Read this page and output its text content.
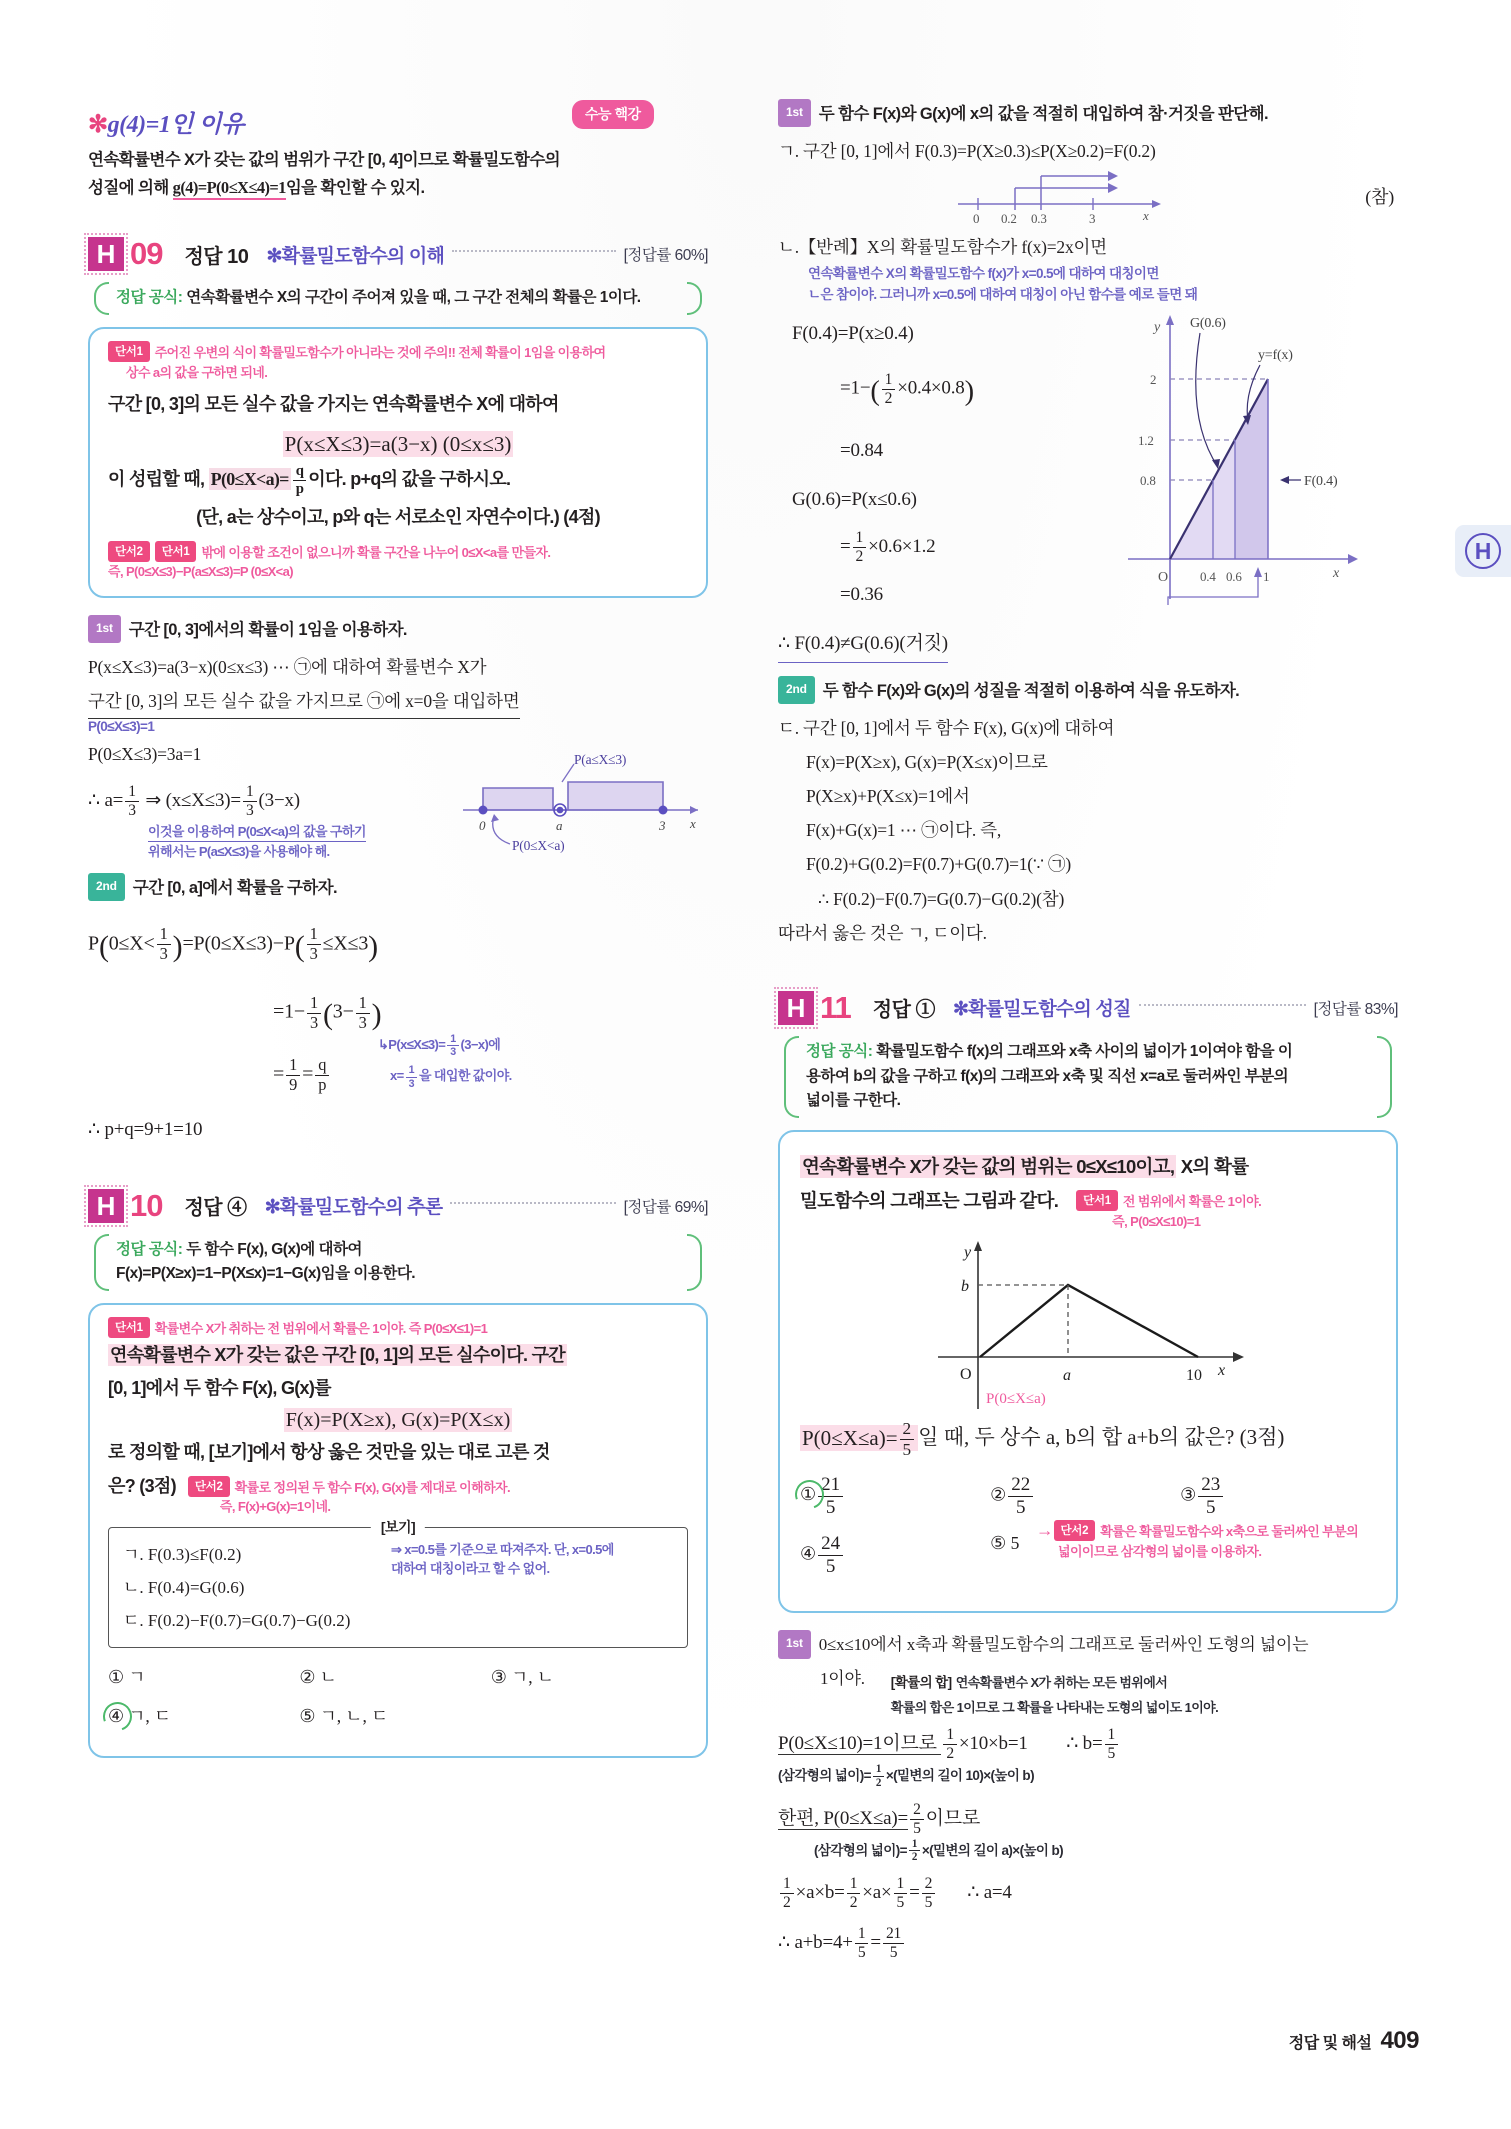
수능 핵강
✻g(4)=1인 이유
연속확률변수 X가 갖는 값의 범위가 구간 [0, 4]이므로 확률밀도함수의
성질에 의해 g(4)=P(0≤X≤4)=1임을 확인할 수 있지.
H 09 정답 10 ✻확률밀도함수의 이해	[정답률 60%]
정답 공식: 연속확률변수 X의 구간이 주어져 있을 때, 그 구간 전체의 확률은 1이다.
단서1 주어진 우변의 식이 확률밀도함수가 아니라는 것에 주의!! 전체 확률이 1임을 이용하여
상수 a의 값을 구하면 되네.
구간 [0, 3]의 모든 실수 값을 가지는 연속확률변수 X에 대하여
P(x≤X≤3)=a(3−x) (0≤x≤3)
이 성립할 때, $P(0\le X<a)= \frac{q}{p}$ 이다. p+q의 값을 구하시오.
(단, a는 상수이고, p와 q는 서로소인 자연수이다.) (4점)
단서2 단서1 밖에 이용할 조건이 없으니까 확률 구간을 나누어 0≤X<a를 만들자.
즉, P(0≤X≤3)−P(a≤X≤3)=P (0≤X<a)
1st 구간 [0, 3]에서의 확률이 1임을 이용하자.
P(x≤X≤3)=a(3−x)(0≤x≤3) ⋯ ㉠에 대하여 확률변수 X가
구간 [0, 3]의 모든 실수 값을 가지므로 ㉠에 x=0을 대입하면
P(0≤X≤3)=1
P(0≤X≤3)=3a=1
∴ $a= \frac{1}{3}$ ⇒ $(x\le X\le 3)= \frac{1}{3} (3-x)$
0	a	3 x
P(a≤X≤3)
P(0≤X<a)
이것을 이용하여 P(0≤X<a)의 값을 구하기
위해서는 P(a≤X≤3)을 사용해야 해.
2nd 구간 [0, a]에서 확률을 구하자.
$P(0\le X< \frac{1}{3} )=P(0\le X\le 3)-P( \frac{1}{3} \le X\le 3)$
$=1- \frac{1}{3} (3- \frac{1}{3}$ )
= $\frac{1}{9} = \frac{q}{p}$
↳P(x≤X≤3)= $\frac{1}{3} (3-x)$에
$x= \frac{1}{3}$ 을 대입한 값이야.
∴ p+q=9+1=10
H 10 정답 ④ ✻확률밀도함수의 추론	[정답률 69%]
정답 공식: 두 함수 F(x), G(x)에 대하여
F(x)=P(X≥x)=1−P(X≤x)=1−G(x)임을 이용한다.
단서1 확률변수 X가 취하는 전 범위에서 확률은 1이야. 즉 P(0≤X≤1)=1
연속확률변수 X가 갖는 값은 구간 [0, 1]의 모든 실수이다. 구간
[0, 1]에서 두 함수 F(x), G(x)를
F(x)=P(X≥x), G(x)=P(X≤x)
로 정의할 때, [보기]에서 항상 옳은 것만을 있는 대로 고른 것
은? (3점)	단서2 확률로 정의된 두 함수 F(x), G(x)를 제대로 이해하자.
즉, F(x)+G(x)=1이네.
[보기]
ㄱ. F(0.3)≤F(0.2)
ㄴ. F(0.4)=G(0.6)
ㄷ. F(0.2)−F(0.7)=G(0.7)−G(0.2)
⇒ x=0.5를 기준으로 따져주자. 단, x=0.5에
대하여 대칭이라고 할 수 없어.
① ㄱ	② ㄴ	③ ㄱ, ㄴ
④ ㄱ, ㄷ	⑤ ㄱ, ㄴ, ㄷ
1st 두 함수 F(x)와 G(x)에 x의 값을 적절히 대입하여 참·거짓을 판단해.
ㄱ. 구간 [0, 1]에서 F(0.3)=P(X≥0.3)≤P(X≥0.2)=F(0.2)
0 0.2 0.3	3	x
(참)
ㄴ.【반례】X의 확률밀도함수가 f(x)=2x이면
연속확률변수 X의 확률밀도함수 f(x)가 x=0.5에 대하여 대칭이면
ㄴ은 참이야. 그러니까 x=0.5에 대하여 대칭이 아닌 함수를 예로 들면 돼
F(0.4)=P(x≥0.4)
$=1-( \frac{1}{2} \times 0.4\times 0.8)$
=0.84
G(0.6)=P(x≤0.6)
= $\frac{1}{2} \times 0.6\times 1.2$
=0.36
∴ F(0.4)≠G(0.6)(거짓)
2
1.2
0.8
O 0.4 0.6 1	x
y G(0.6)
y=f(x)
F(0.4)
2nd 두 함수 F(x)와 G(x)의 성질을 적절히 이용하여 식을 유도하자.
ㄷ. 구간 [0, 1]에서 두 함수 F(x), G(x)에 대하여
F(x)=P(X≥x), G(x)=P(X≤x)이므로
P(X≥x)+P(X≤x)=1에서
F(x)+G(x)=1 ⋯ ㉠이다. 즉,
F(0.2)+G(0.2)=F(0.7)+G(0.7)=1(∵ ㉠)
∴ F(0.2)−F(0.7)=G(0.7)−G(0.2)(참)
따라서 옳은 것은 ㄱ, ㄷ이다.
H 11 정답 ① ✻확률밀도함수의 성질	[정답률 83%]
정답 공식: 확률밀도함수 f(x)의 그래프와 x축 사이의 넓이가 1이여야 함을 이
용하여 b의 값을 구하고 f(x)의 그래프와 x축 및 직선 x=a로 둘러싸인 부분의
넓이를 구한다.
연속확률변수 X가 갖는 값의 범위는 0≤X≤10이고, X의 확률
밀도함수의 그래프는 그림과 같다.	단서1 전 범위에서 확률은 1이야.
즉, P(0≤X≤10)=1
b
y
O	a	10 x
P(0≤X≤a)
$P(0\le X\le a)= \frac{2}{5}$ 일 때, 두 상수 a, b의 합 a+b의 값은? (3점)
① $\frac{21}{5}$	② $\frac{22}{5}$	③ $\frac{23}{5}$
④ $\frac{24}{5}$	⑤ 5
→ 단서2 확률은 확률밀도함수와 x축으로 둘러싸인 부분의
넓이이므로 삼각형의 넓이를 이용하자.
1st 0≤x≤10에서 x축과 확률밀도함수의 그래프로 둘러싸인 도형의 넓이는
1이야. [확률의 합] 연속확률변수 X가 취하는 모든 범위에서
확률의 합은 1이므로 그 확률을 나타내는 도형의 넓이도 1이야.
P(0≤X≤10)=1이므로 $\frac{1}{2} \times 10\times b=1$ ∴ $b= \frac{1}{5}$
(삼각형의 넓이)= $\frac{1}{2}$ ×(밑변의 길이 10)×(높이 b)
한편, $P(0\le X\le a)= \frac{2}{5}$ 이므로
(삼각형의 넓이)= $\frac{1}{2}$ ×(밑변의 길이 a)×(높이 b)
$\frac{1}{2} \times a\times b= \frac{1}{2} \times a\times \frac{1}{5} = \frac{2}{5}$ ∴ a=4
∴ $a+b=4+ \frac{1}{5} = \frac{21}{5}$
H
정답 및 해설 409
